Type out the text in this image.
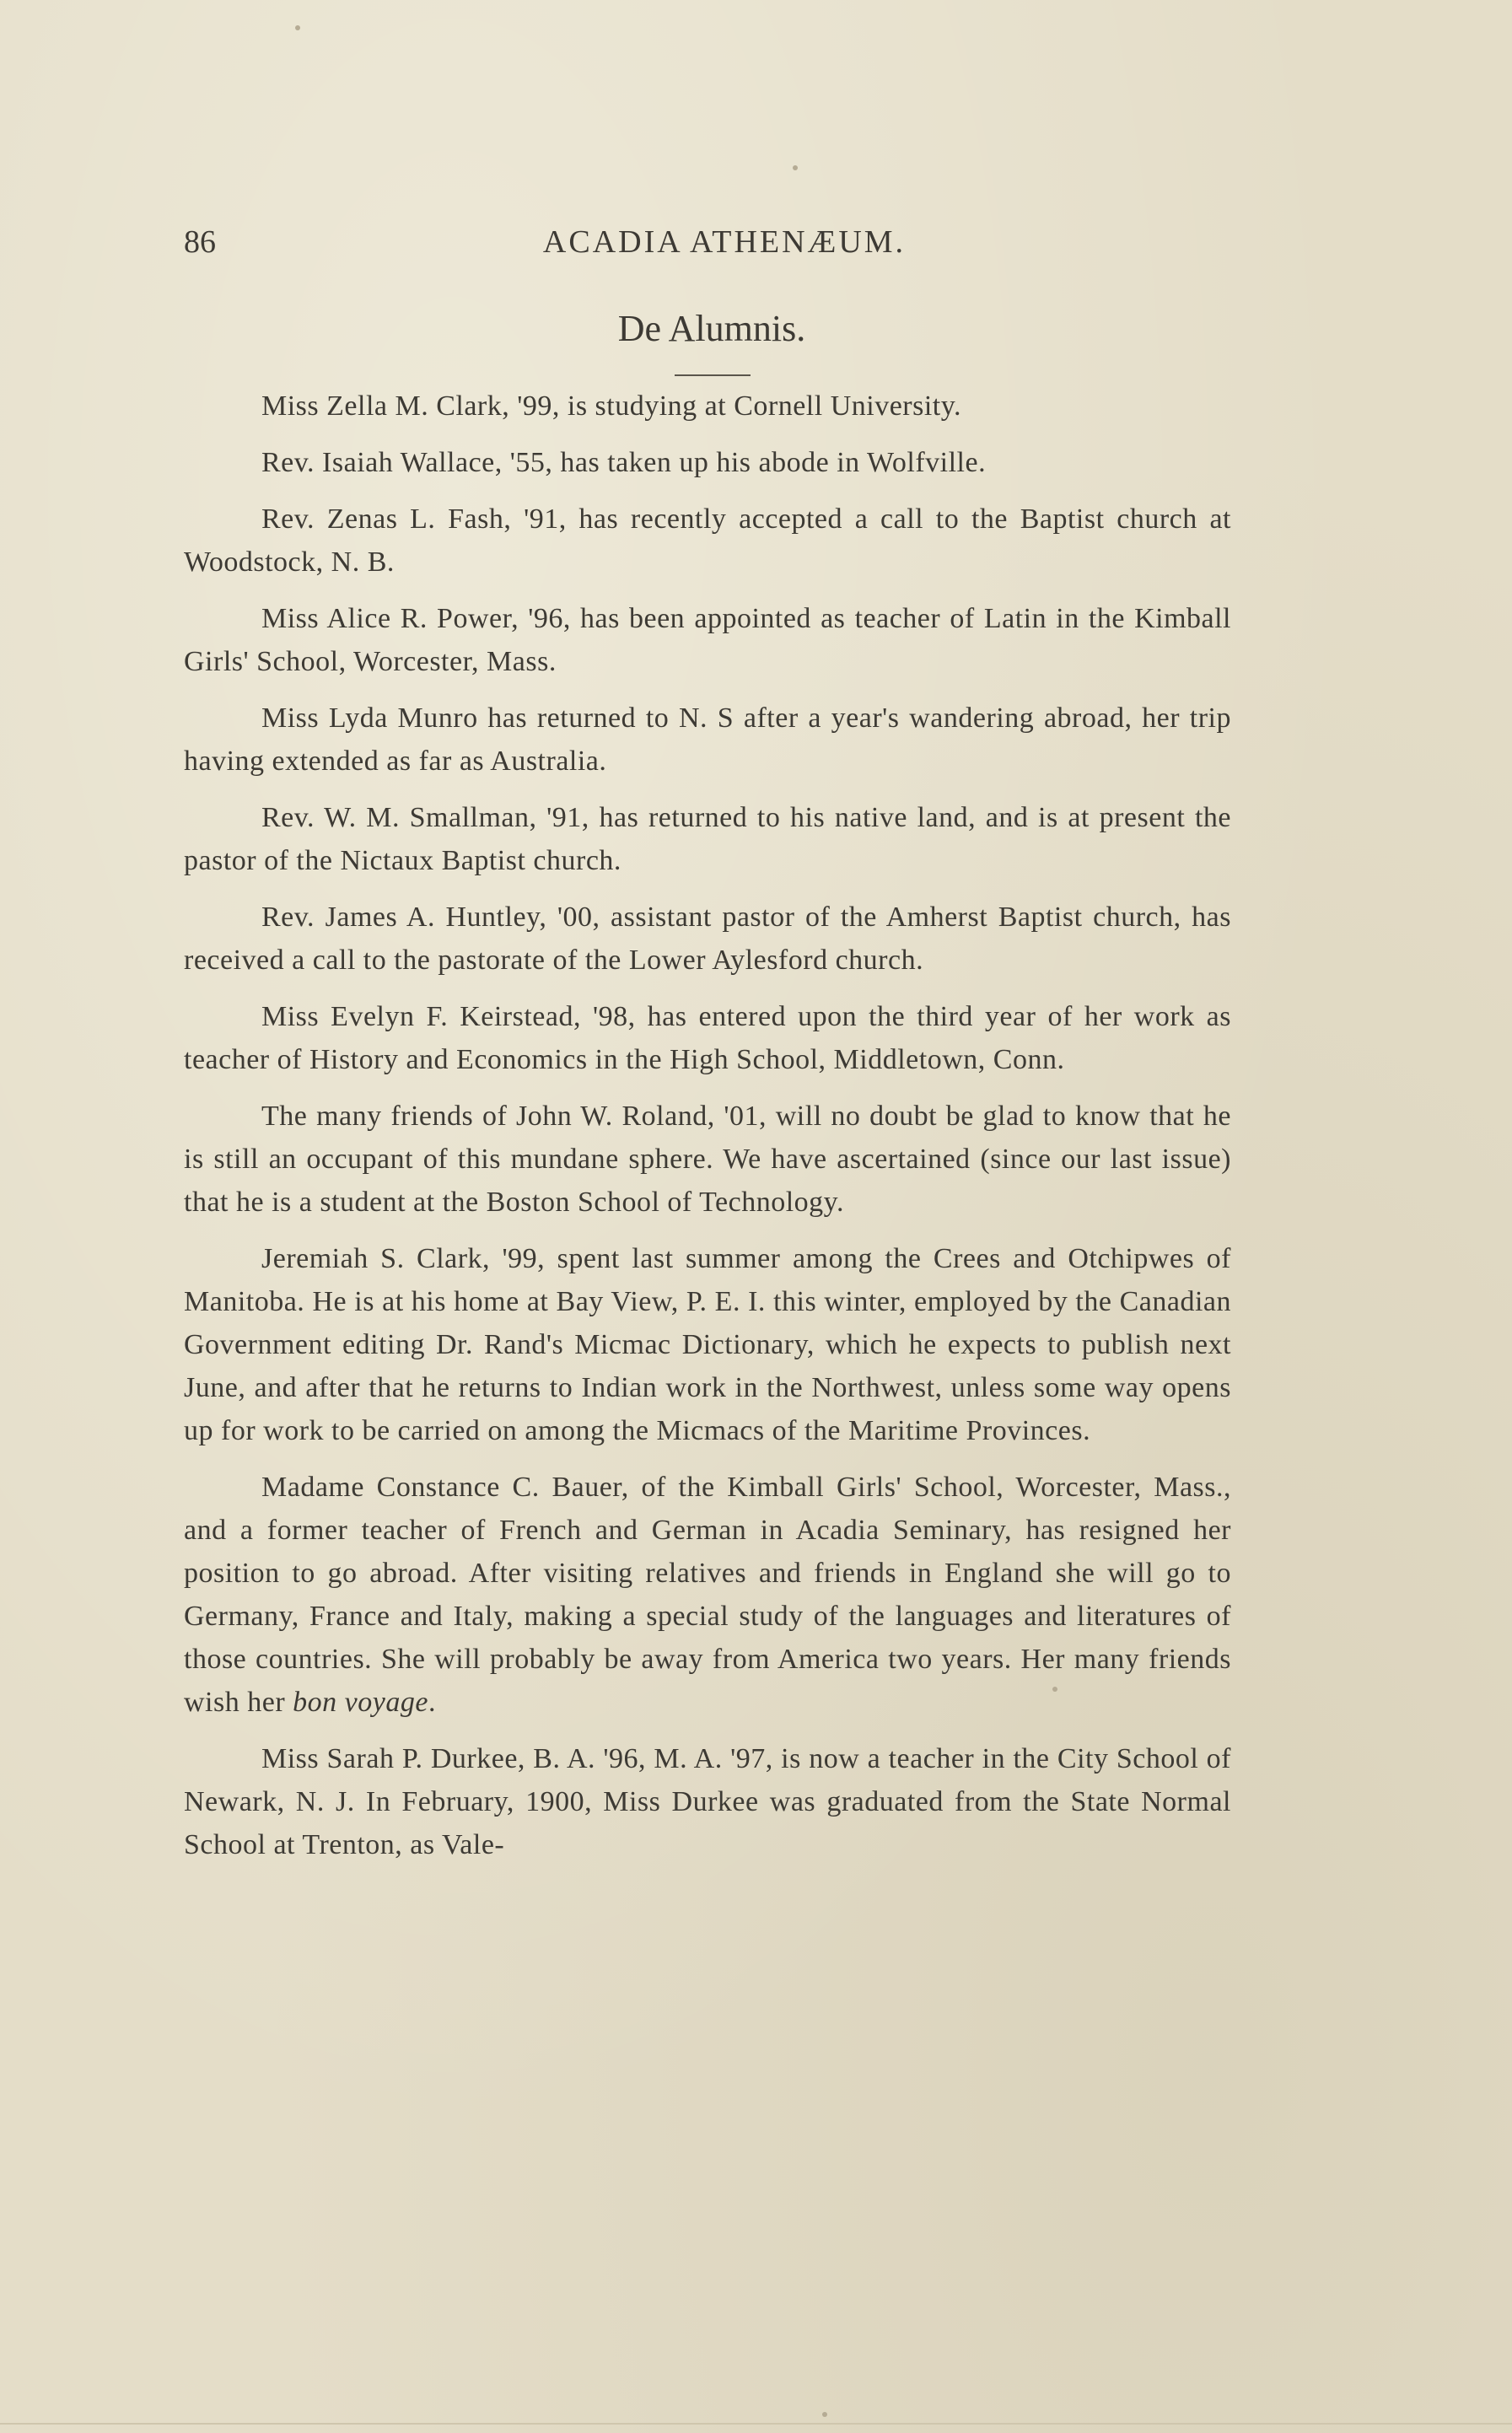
86	ACADIA ATHENÆUM.
De Alumnis.

Miss Zella M. Clark, '99, is studying at Cornell University.

Rev. Isaiah Wallace, '55, has taken up his abode in Wolfville.

Rev. Zenas L. Fash, '91, has recently accepted a call to the Baptist church at Woodstock, N. B.

Miss Alice R. Power, '96, has been appointed as teacher of Latin in the Kimball Girls' School, Worcester, Mass.

Miss Lyda Munro has returned to N. S after a year's wandering abroad, her trip having extended as far as Australia.

Rev. W. M. Smallman, '91, has returned to his native land, and is at present the pastor of the Nictaux Baptist church.

Rev. James A. Huntley, '00, assistant pastor of the Amherst Baptist church, has received a call to the pastorate of the Lower Aylesford church.

Miss Evelyn F. Keirstead, '98, has entered upon the third year of her work as teacher of History and Economics in the High School, Middletown, Conn.

The many friends of John W. Roland, '01, will no doubt be glad to know that he is still an occupant of this mundane sphere. We have ascertained (since our last issue) that he is a student at the Boston School of Technology.

Jeremiah S. Clark, '99, spent last summer among the Crees and Otchipwes of Manitoba. He is at his home at Bay View, P. E. I. this winter, employed by the Canadian Government editing Dr. Rand's Micmac Dictionary, which he expects to publish next June, and after that he returns to Indian work in the Northwest, unless some way opens up for work to be carried on among the Micmacs of the Maritime Provinces.

Madame Constance C. Bauer, of the Kimball Girls' School, Worcester, Mass., and a former teacher of French and German in Acadia Seminary, has resigned her position to go abroad. After visiting relatives and friends in England she will go to Germany, France and Italy, making a special study of the languages and literatures of those countries. She will probably be away from America two years. Her many friends wish her bon voyage.

Miss Sarah P. Durkee, B. A. '96, M. A. '97, is now a teacher in the City School of Newark, N. J. In February, 1900, Miss Durkee was graduated from the State Normal School at Trenton, as Vale-
